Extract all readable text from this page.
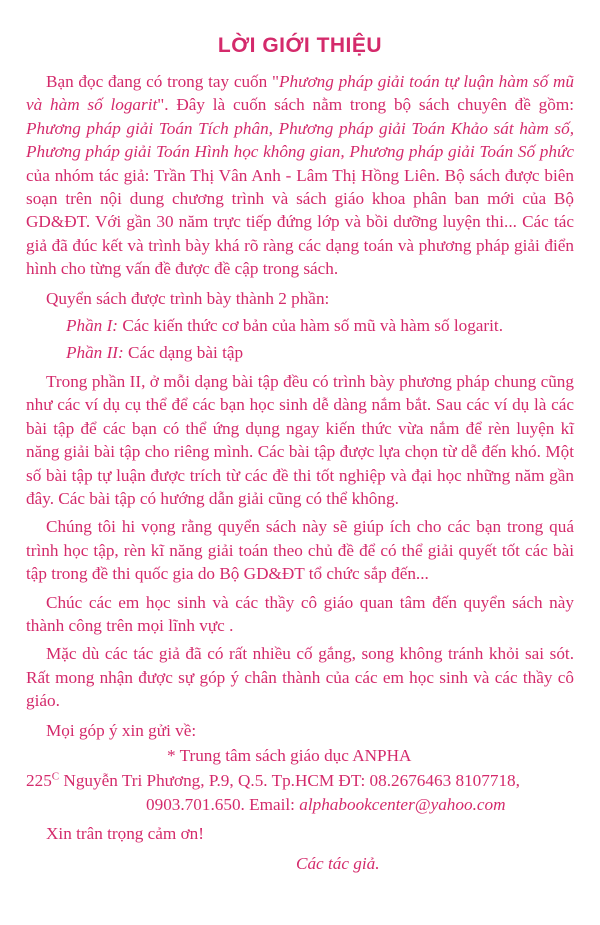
LỜI GIỚI THIỆU

Bạn đọc đang có trong tay cuốn "Phương pháp giải toán tự luận hàm số mũ và hàm số logarit". Đây là cuốn sách nằm trong bộ sách chuyên đề gồm: Phương pháp giải Toán Tích phân, Phương pháp giải Toán Khảo sát hàm số, Phương pháp giải Toán Hình học không gian, Phương pháp giải Toán Số phức của nhóm tác giả: Trần Thị Vân Anh - Lâm Thị Hồng Liên. Bộ sách được biên soạn trên nội dung chương trình và sách giáo khoa phân ban mới của Bộ GD&ĐT. Với gần 30 năm trực tiếp đứng lớp và bồi dưỡng luyện thi... Các tác giả đã đúc kết và trình bày khá rõ ràng các dạng toán và phương pháp giải điển hình cho từng vấn đề được đề cập trong sách.

Quyển sách được trình bày thành 2 phần:

Phần I: Các kiến thức cơ bản của hàm số mũ và hàm số logarit.

Phần II: Các dạng bài tập

Trong phần II, ở mỗi dạng bài tập đều có trình bày phương pháp chung cũng như các ví dụ cụ thể để các bạn học sinh dễ dàng nắm bắt. Sau các ví dụ là các bài tập để các bạn có thể ứng dụng ngay kiến thức vừa nắm để rèn luyện kĩ năng giải bài tập cho riêng mình. Các bài tập được lựa chọn từ dễ đến khó. Một số bài tập tự luận được trích từ các đề thi tốt nghiệp và đại học những năm gần đây. Các bài tập có hướng dẫn giải cũng có thể không.

Chúng tôi hi vọng rằng quyển sách này sẽ giúp ích cho các bạn trong quá trình học tập, rèn kĩ năng giải toán theo chủ đề để có thể giải quyết tốt các bài tập trong đề thi quốc gia do Bộ GD&ĐT tổ chức sắp đến...

Chúc các em học sinh và các thầy cô giáo quan tâm đến quyển sách này thành công trên mọi lĩnh vực .

Mặc dù các tác giả đã có rất nhiều cố gắng, song không tránh khỏi sai sót. Rất mong nhận được sự góp ý chân thành của các em học sinh và các thầy cô giáo.

Mọi góp ý xin gửi về:

* Trung tâm sách giáo dục ANPHA

$225^C$ Nguyễn Tri Phương, P.9, Q.5. Tp.HCM ĐT: 08.2676463 8107718,

0903.701.650. Email: alphabookcenter@yahoo.com

Xin trân trọng cảm ơn!

Các tác giả.
